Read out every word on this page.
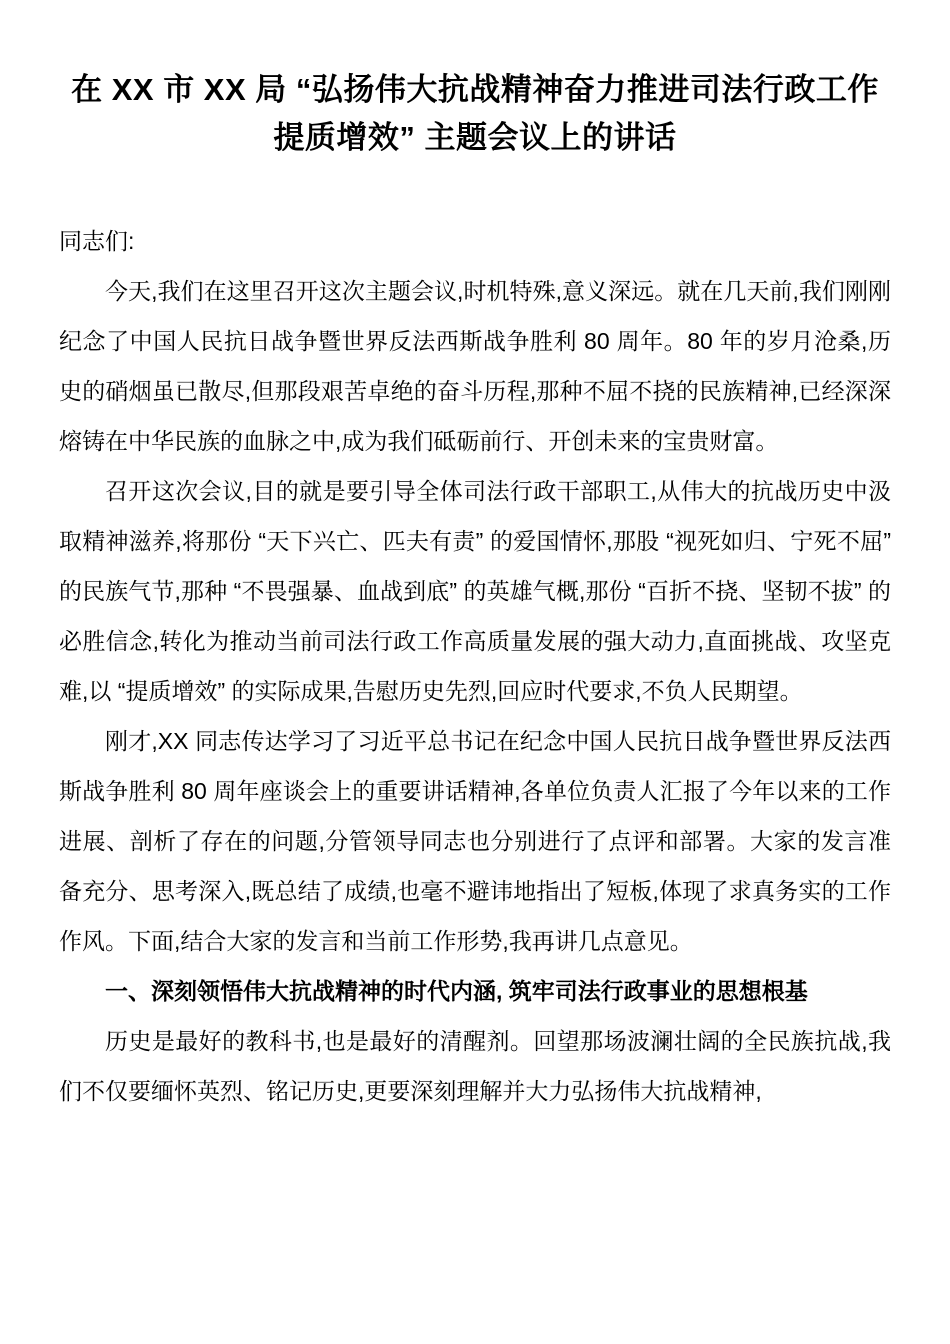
在 XX 市 XX 局 “弘扬伟大抗战精神奋力推进司法行政工作提质增效” 主题会议上的讲话

同志们:

今天,我们在这里召开这次主题会议,时机特殊,意义深远。就在几天前,我们刚刚纪念了中国人民抗日战争暨世界反法西斯战争胜利 80 周年。80 年的岁月沧桑,历史的硝烟虽已散尽,但那段艰苦卓绝的奋斗历程,那种不屈不挠的民族精神,已经深深熔铸在中华民族的血脉之中,成为我们砥砺前行、开创未来的宝贵财富。

召开这次会议,目的就是要引导全体司法行政干部职工,从伟大的抗战历史中汲取精神滋养,将那份 “天下兴亡、匹夫有责” 的爱国情怀,那股 “视死如归、宁死不屈” 的民族气节,那种 “不畏强暴、血战到底” 的英雄气概,那份 “百折不挠、坚韧不拔” 的必胜信念,转化为推动当前司法行政工作高质量发展的强大动力,直面挑战、攻坚克难,以 “提质增效” 的实际成果,告慰历史先烈,回应时代要求,不负人民期望。

刚才,XX 同志传达学习了习近平总书记在纪念中国人民抗日战争暨世界反法西斯战争胜利 80 周年座谈会上的重要讲话精神,各单位负责人汇报了今年以来的工作进展、剖析了存在的问题,分管领导同志也分别进行了点评和部署。大家的发言准备充分、思考深入,既总结了成绩,也毫不避讳地指出了短板,体现了求真务实的工作作风。下面,结合大家的发言和当前工作形势,我再讲几点意见。

一、深刻领悟伟大抗战精神的时代内涵, 筑牢司法行政事业的思想根基

历史是最好的教科书,也是最好的清醒剂。回望那场波澜壮阔的全民族抗战,我们不仅要缅怀英烈、铭记历史,更要深刻理解并大力弘扬伟大抗战精神,
